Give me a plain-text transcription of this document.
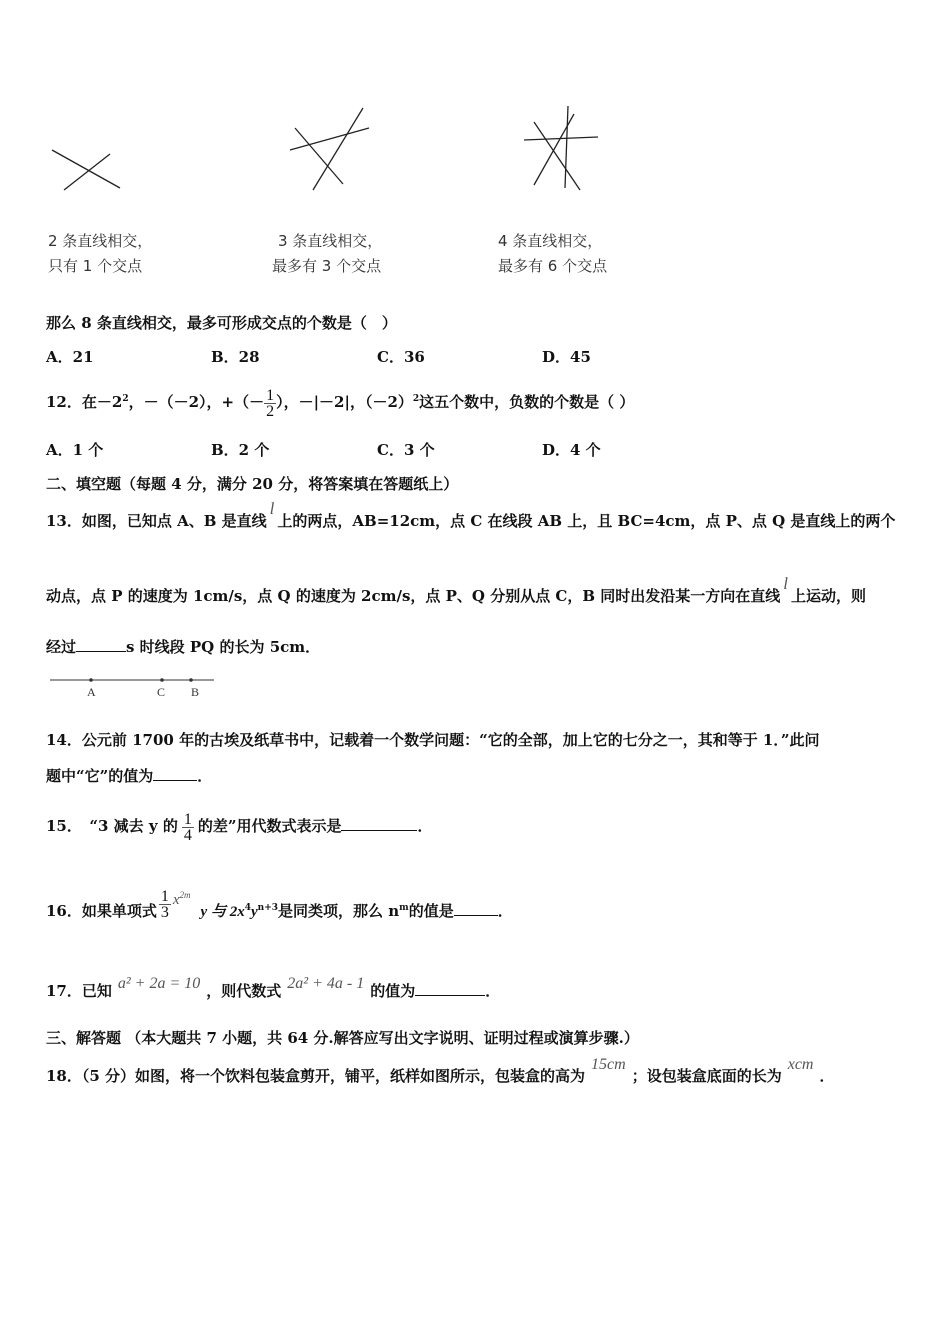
2 条直线相交，
只有 1 个交点
3 条直线相交，
最多有 3 个交点
4 条直线相交，
最多有 6 个交点
那么 8 条直线相交，最多可形成交点的个数是（　）
A．21	B．28	C．36	D．45
12．在$-2^2$，－（－2），+（－ $\frac{1}{2}$ ），－|－2|，$(-2)^2$这五个数中，负数的个数是（ ）
A．1 个	B．2 个	C．3 个	D．4 个
二、填空题（每题 4 分，满分 20 分，将答案填在答题纸上）
13．如图，已知点 A、B 是直线l上的两点，AB=12cm，点 C 在线段 AB 上，且 BC=4cm，点 P、点 Q 是直线上的两个
动点，点 P 的速度为 1cm/s，点 Q 的速度为 2cm/s，点 P、Q 分别从点 C，B 同时出发沿某一方向在直线l上运动，则
经过	s 时线段 PQ 的长为 5cm．
A	C B
14．公元前 1700 年的古埃及纸草书中，记载着一个数学问题：“它的全部，加上它的七分之一，其和等于 1．”此问
题中“它”的值为	．
15．　“3 减去 y 的 $\frac{1}{4}$ 的差”用代数式表示是	．
16．如果单项式 $\frac{1}{3} x^{2m}y$ 与 $2x^4y^{n+3}$是同类项，那么 $n^m$的值是	．
17．已知 a² + 2a = 10 ，则代数式 2a² + 4a - 1 的值为	．
三、解答题 （本大题共 7 小题，共 64 分.解答应写出文字说明、证明过程或演算步骤.）
18．（5 分）如图，将一个饮料包装盒剪开，铺平，纸样如图所示，包装盒的高为15cm；设包装盒底面的长为xcm．
